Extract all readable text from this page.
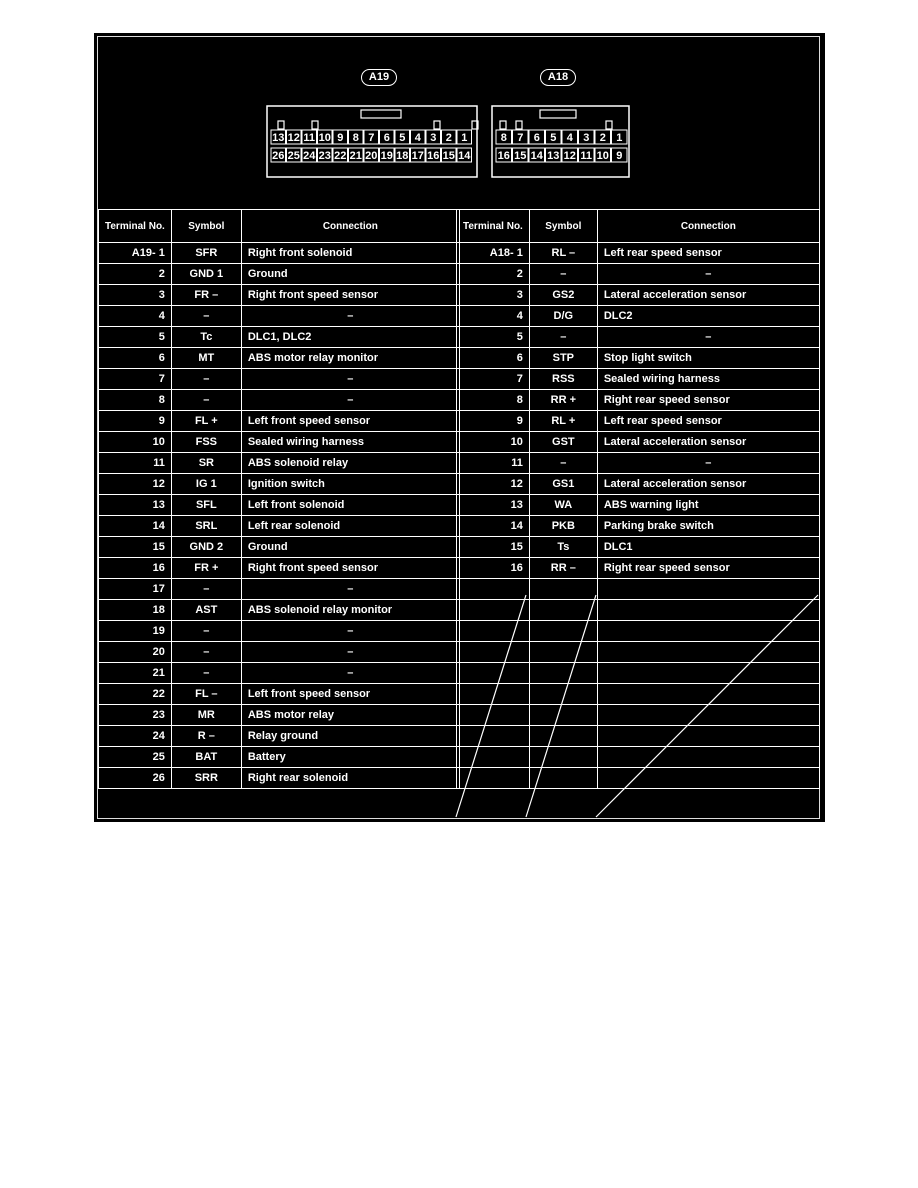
A19	A18
13 12 11 10 9 8 7 6 5 4 3 2 1
26 25 24 23 22 21 20 19 18 17 16 15 14
8 7 6 5 4 3 2 1
16 15 14 13 12 11 10 9
Terminal No.	Symbol	Connection
A19- 1	SFR	Right front solenoid
2	GND 1	Ground
3	FR –	Right front speed sensor
4	–	–
5	Tc	DLC1, DLC2
6	MT	ABS motor relay monitor
7	–	–
8	–	–
9	FL +	Left front speed sensor
10	FSS	Sealed wiring harness
11	SR	ABS solenoid relay
12	IG 1	Ignition switch
13	SFL	Left front solenoid
14	SRL	Left rear solenoid
15	GND 2	Ground
16	FR +	Right front speed sensor
17	–	–
18	AST	ABS solenoid relay monitor
19	–	–
20	–	–
21	–	–
22	FL –	Left front speed sensor
23	MR	ABS motor relay
24	R –	Relay ground
25	BAT	Battery
26	SRR	Right rear solenoid
Terminal No.	Symbol	Connection
A18- 1	RL –	Left rear speed sensor
2	–	–
3	GS2	Lateral acceleration sensor
4	D/G	DLC2
5	–	–
6	STP	Stop light switch
7	RSS	Sealed wiring harness
8	RR +	Right rear speed sensor
9	RL +	Left rear speed sensor
10	GST	Lateral acceleration sensor
11	–	–
12	GS1	Lateral acceleration sensor
13	WA	ABS warning light
14	PKB	Parking brake switch
15	Ts	DLC1
16	RR –	Right rear speed sensor
